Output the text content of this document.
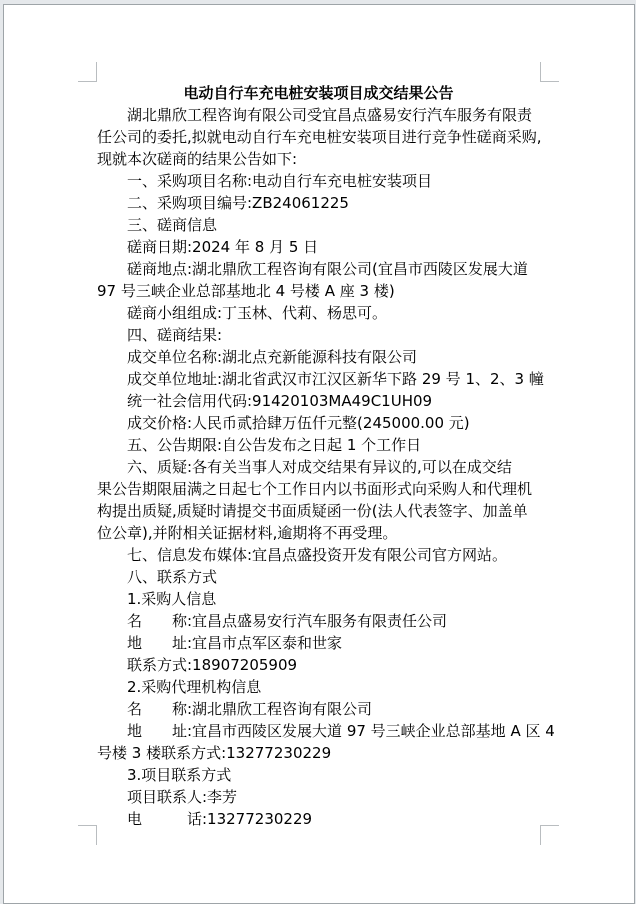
电动自行车充电桩安装项目成交结果公告
湖北鼎欣工程咨询有限公司受宜昌点盛易安行汽车服务有限责
任公司的委托,拟就电动自行车充电桩安装项目进行竞争性磋商采购,
现就本次磋商的结果公告如下:
一、采购项目名称:电动自行车充电桩安装项目
二、采购项目编号:ZB24061225
三、磋商信息
磋商日期:2024 年 8 月 5 日
磋商地点:湖北鼎欣工程咨询有限公司(宜昌市西陵区发展大道
97 号三峡企业总部基地北 4 号楼 A 座 3 楼)
磋商小组组成:丁玉林、代莉、杨思可。
四、磋商结果:
成交单位名称:湖北点充新能源科技有限公司
成交单位地址:湖北省武汉市江汉区新华下路 29 号 1、2、3 幢
统一社会信用代码:91420103MA49C1UH09
成交价格:人民币贰拾肆万伍仟元整(245000.00 元)
五、公告期限:自公告发布之日起 1 个工作日
六、质疑:各有关当事人对成交结果有异议的,可以在成交结
果公告期限届满之日起七个工作日内以书面形式向采购人和代理机
构提出质疑,质疑时请提交书面质疑函一份(法人代表签字、加盖单
位公章),并附相关证据材料,逾期将不再受理。
七、信息发布媒体:宜昌点盛投资开发有限公司官方网站。
八、联系方式
1.采购人信息
名　　称:宜昌点盛易安行汽车服务有限责任公司
地　　址:宜昌市点军区泰和世家
联系方式:18907205909
2.采购代理机构信息
名　　称:湖北鼎欣工程咨询有限公司
地　　址:宜昌市西陵区发展大道 97 号三峡企业总部基地 A 区 4
号楼 3 楼联系方式:13277230229
3.项目联系方式
项目联系人:李芳
电　　　话:13277230229
